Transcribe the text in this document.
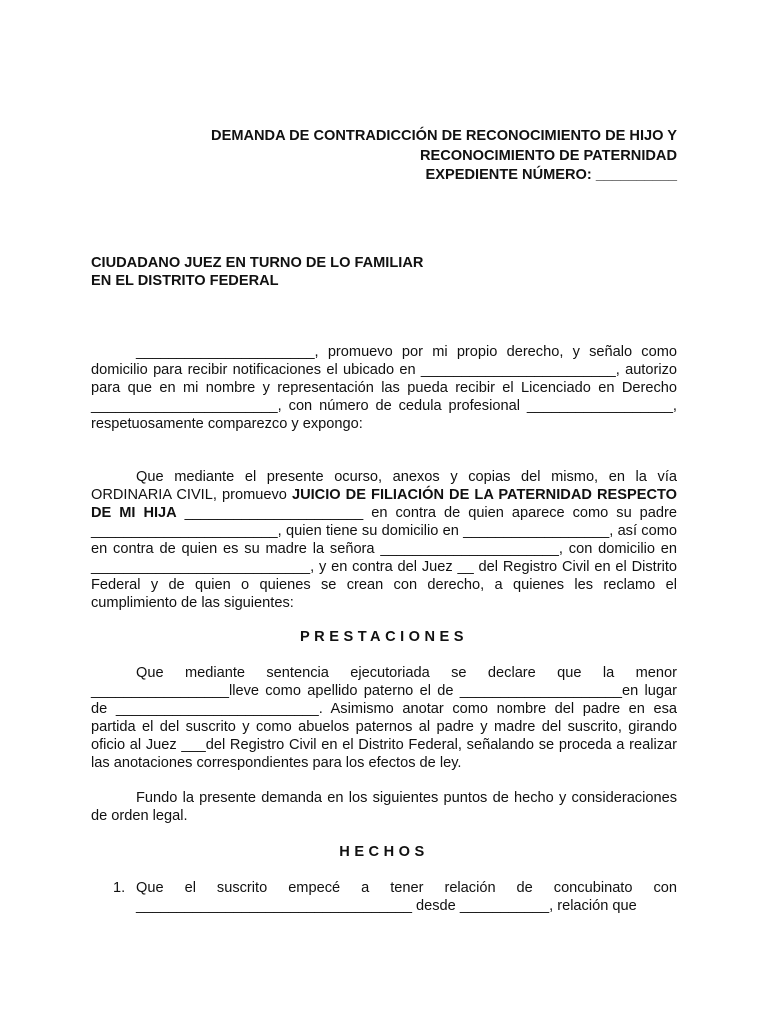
DEMANDA DE CONTRADICCIÓN DE RECONOCIMIENTO DE HIJO Y
RECONOCIMIENTO DE PATERNIDAD
EXPEDIENTE NÚMERO: __________
CIUDADANO JUEZ EN TURNO DE LO FAMILIAR
EN EL DISTRITO FEDERAL
______________________, promuevo por mi propio derecho, y señalo como domicilio para recibir notificaciones el ubicado en ________________________, autorizo para que en mi nombre y representación las pueda recibir el Licenciado en Derecho _______________________, con número de cedula profesional __________________, respetuosamente comparezco y expongo:
Que mediante el presente ocurso, anexos y copias del mismo, en la vía ORDINARIA CIVIL, promuevo JUICIO DE FILIACIÓN DE LA PATERNIDAD RESPECTO DE MI HIJA ______________________ en contra de quien aparece como su padre _______________________, quien tiene su domicilio en __________________, así como en contra de quien es su madre la señora ______________________, con domicilio en ___________________________, y en contra del Juez __ del Registro Civil en el Distrito Federal y de quien o quienes se crean con derecho, a quienes les reclamo el cumplimiento de las siguientes:
PRESTACIONES
Que mediante sentencia ejecutoriada se declare que la menor _________________lleve como apellido paterno el de ____________________en lugar de _________________________. Asimismo anotar como nombre del padre en esa partida el del suscrito y como abuelos paternos al padre y madre del suscrito, girando oficio al Juez ___del Registro Civil en el Distrito Federal, señalando se proceda a realizar las anotaciones correspondientes para los efectos de ley.
Fundo la presente demanda en los siguientes puntos de hecho y consideraciones de orden legal.
HECHOS
1. Que el suscrito empecé a tener relación de concubinato con __________________________________ desde ___________, relación que
